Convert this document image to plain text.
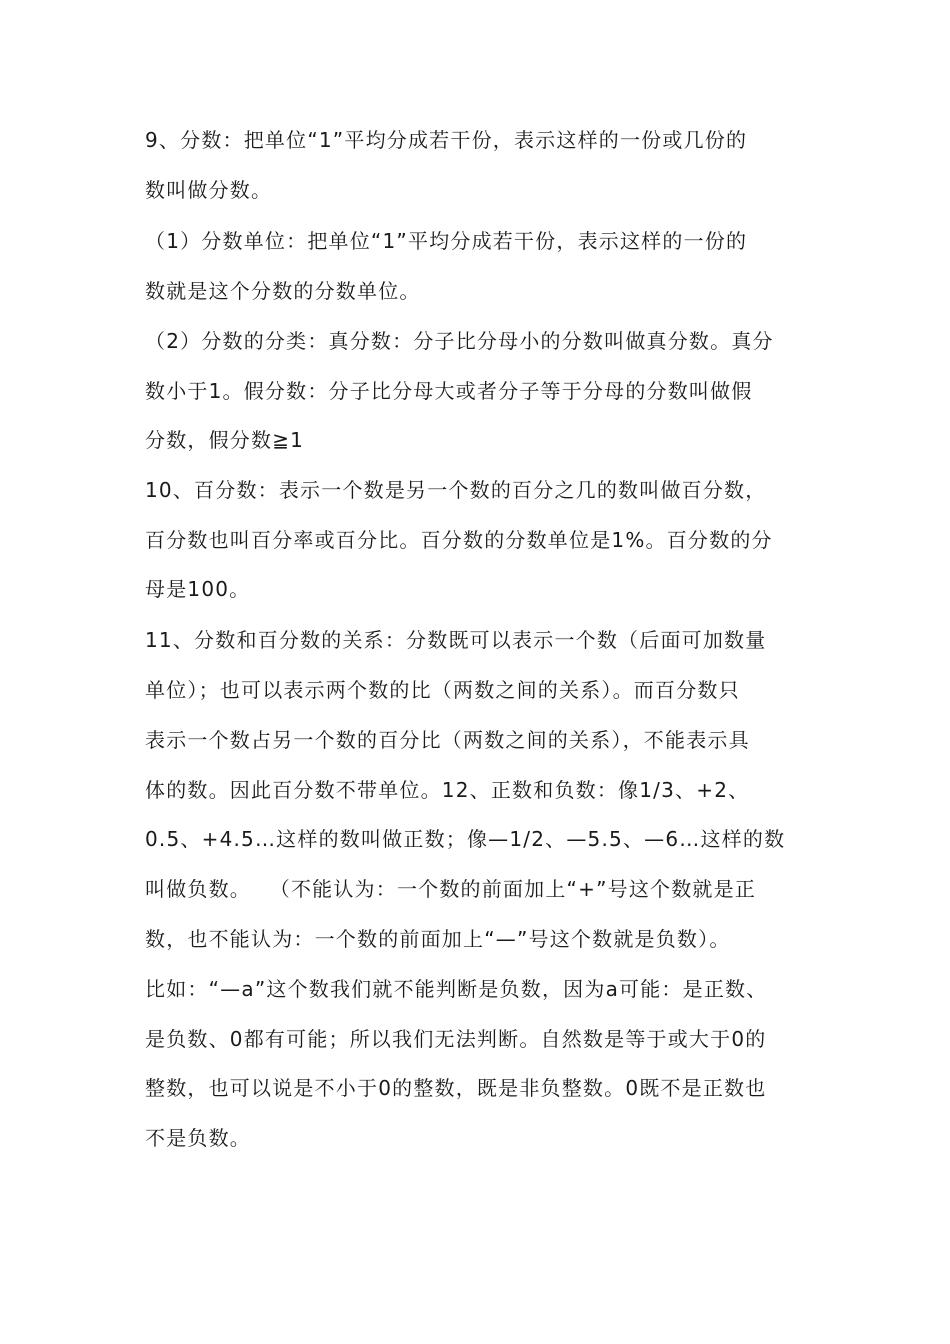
9、分数：把单位“1”平均分成若干份，表示这样的一份或几份的
数叫做分数。
（1）分数单位：把单位“1”平均分成若干份，表示这样的一份的
数就是这个分数的分数单位。
（2）分数的分类：真分数：分子比分母小的分数叫做真分数。真分
数小于1。假分数：分子比分母大或者分子等于分母的分数叫做假
分数，假分数≧1
10、百分数：表示一个数是另一个数的百分之几的数叫做百分数，
百分数也叫百分率或百分比。百分数的分数单位是1%。百分数的分
母是100。
11、分数和百分数的关系：分数既可以表示一个数（后面可加数量
单位）；也可以表示两个数的比（两数之间的关系）。而百分数只
表示一个数占另一个数的百分比（两数之间的关系），不能表示具
体的数。因此百分数不带单位。12、正数和负数：像1/3、+2、
0.5、+4.5…这样的数叫做正数；像—1/2、—5.5、—6…这样的数
叫做负数。　 （不能认为：一个数的前面加上“+”号这个数就是正
数，也不能认为：一个数的前面加上“—”号这个数就是负数）。
比如：“—a”这个数我们就不能判断是负数，因为a可能：是正数、
是负数、0都有可能；所以我们无法判断。自然数是等于或大于0的
整数，也可以说是不小于0的整数，既是非负整数。0既不是正数也
不是负数。
